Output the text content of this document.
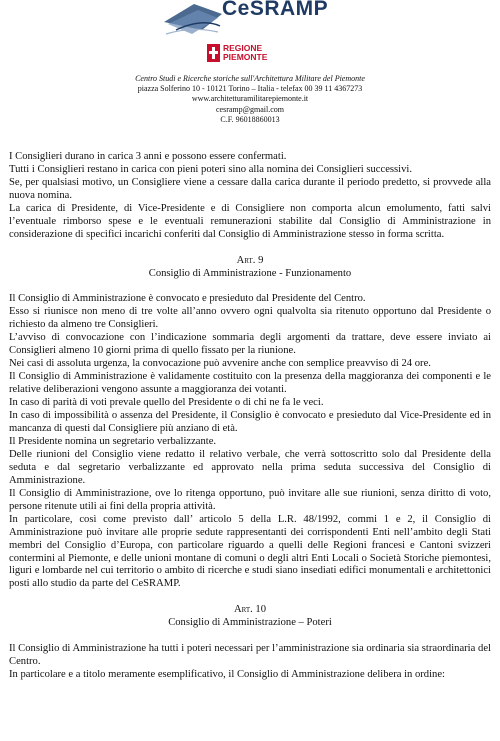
CeSRAMP
REGIONE
PIEMONTE
Centro Studi e Ricerche storiche sull'Architettura Militare del Piemonte
piazza Solferino 10 - 10121 Torino – Italia - telefax 00 39 11 4367273
www.architetturamilitarepiemonte.it
cesramp@gmail.com
C.F. 96018860013

I Consiglieri durano in carica 3 anni e possono essere confermati.

Tutti i Consiglieri restano in carica con pieni poteri sino alla nomina dei Consiglieri successivi.

Se, per qualsiasi motivo, un Consigliere viene a cessare dalla carica durante il periodo predetto, si provvede alla nuova nomina.

La carica di Presidente, di Vice-Presidente e di Consigliere non comporta alcun emolumento, fatti salvi l’eventuale rimborso spese e le eventuali remunerazioni stabilite dal Consiglio di Amministrazione in considerazione di specifici incarichi conferiti dal Consiglio di Amministrazione stesso in forma scritta.

Art. 9

Consiglio di Amministrazione - Funzionamento

Il Consiglio di Amministrazione è convocato e presieduto dal Presidente del Centro.

Esso si riunisce non meno di tre volte all’anno ovvero ogni qualvolta sia ritenuto opportuno dal Presidente o richiesto da almeno tre Consiglieri.

L’avviso di convocazione con l’indicazione sommaria degli argomenti da trattare, deve essere inviato ai Consiglieri almeno 10 giorni prima di quello fissato per la riunione.

Nei casi di assoluta urgenza, la convocazione può avvenire anche con semplice preavviso di 24 ore.

Il Consiglio di Amministrazione è validamente costituito con la presenza della maggioranza dei componenti e le relative deliberazioni vengono assunte a maggioranza dei votanti.

In caso di parità di voti prevale quello del Presidente o di chi ne fa le veci.

In caso di impossibilità o assenza del Presidente, il Consiglio è convocato e presieduto dal Vice-Presidente ed in mancanza di questi dal Consigliere più anziano di età.

Il Presidente nomina un segretario verbalizzante.

Delle riunioni del Consiglio viene redatto il relativo verbale, che verrà sottoscritto solo dal Presidente della seduta e dal segretario verbalizzante ed approvato nella prima seduta successiva del Consiglio di Amministrazione.

Il Consiglio di Amministrazione, ove lo ritenga opportuno, può invitare alle sue riunioni, senza diritto di voto, persone ritenute utili ai fini della propria attività.

In particolare, così come previsto dall’ articolo 5 della L.R. 48/1992, commi 1 e 2, il Consiglio di Amministrazione può invitare alle proprie sedute rappresentanti dei corrispondenti Enti nell’ambito degli Stati membri del Consiglio d’Europa, con particolare riguardo a quelli delle Regioni francesi e Cantoni svizzeri contermini al Piemonte, e delle unioni montane di comuni o degli altri Enti Locali o Società Storiche piemontesi, liguri e lombarde nel cui territorio o ambito di ricerche e studi siano insediati edifici monumentali e architettonici posti allo studio da parte del CeSRAMP.

Art. 10

Consiglio di Amministrazione – Poteri

Il Consiglio di Amministrazione ha tutti i poteri necessari per l’amministrazione sia ordinaria sia straordinaria del Centro.

In particolare e a titolo meramente esemplificativo, il Consiglio di Amministrazione delibera in ordine:
